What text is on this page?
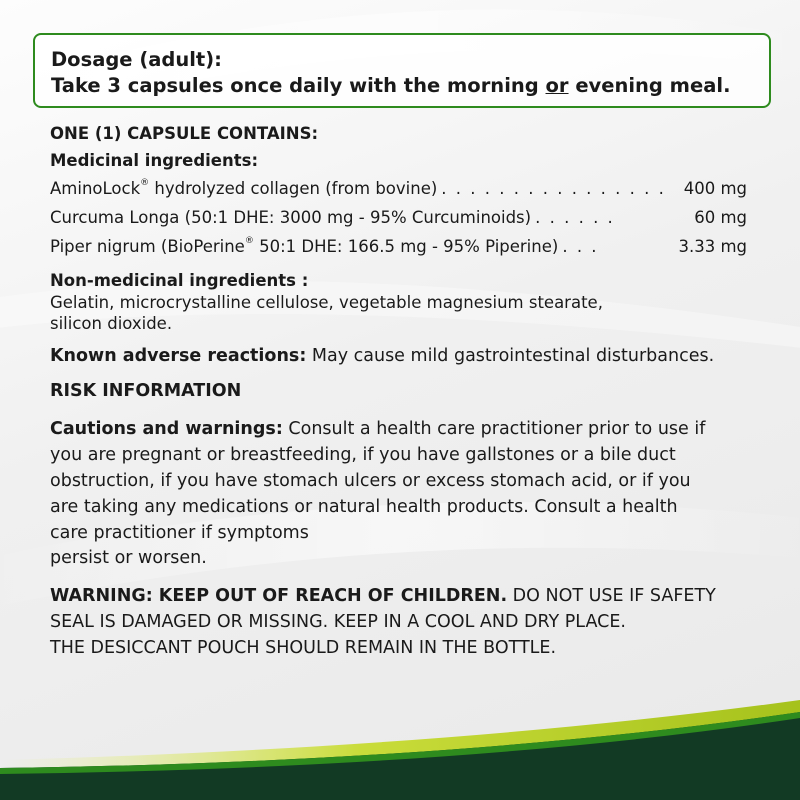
Dosage (adult):
Take 3 capsules once daily with the morning or evening meal.
ONE (1) CAPSULE CONTAINS:
Medicinal ingredients:
AminoLock® hydrolyzed collagen (from bovine) . . . . . . . . . . . . . . . .	400 mg
Curcuma Longa (50:1 DHE: 3000 mg - 95% Curcuminoids) . . . . . .	60 mg
Piper nigrum (BioPerine® 50:1 DHE: 166.5 mg - 95% Piperine) . . .	3.33 mg
Non-medicinal ingredients :
Gelatin, microcrystalline cellulose, vegetable magnesium stearate,
silicon dioxide.
Known adverse reactions: May cause mild gastrointestinal disturbances.
RISK INFORMATION
Cautions and warnings: Consult a health care practitioner prior to use if
you are pregnant or breastfeeding, if you have gallstones or a bile duct
obstruction, if you have stomach ulcers or excess stomach acid, or if you
are taking any medications or natural health products. Consult a health
care practitioner if symptoms
persist or worsen.
WARNING: KEEP OUT OF REACH OF CHILDREN. DO NOT USE IF SAFETY
SEAL IS DAMAGED OR MISSING. KEEP IN A COOL AND DRY PLACE.
THE DESICCANT POUCH SHOULD REMAIN IN THE BOTTLE.
